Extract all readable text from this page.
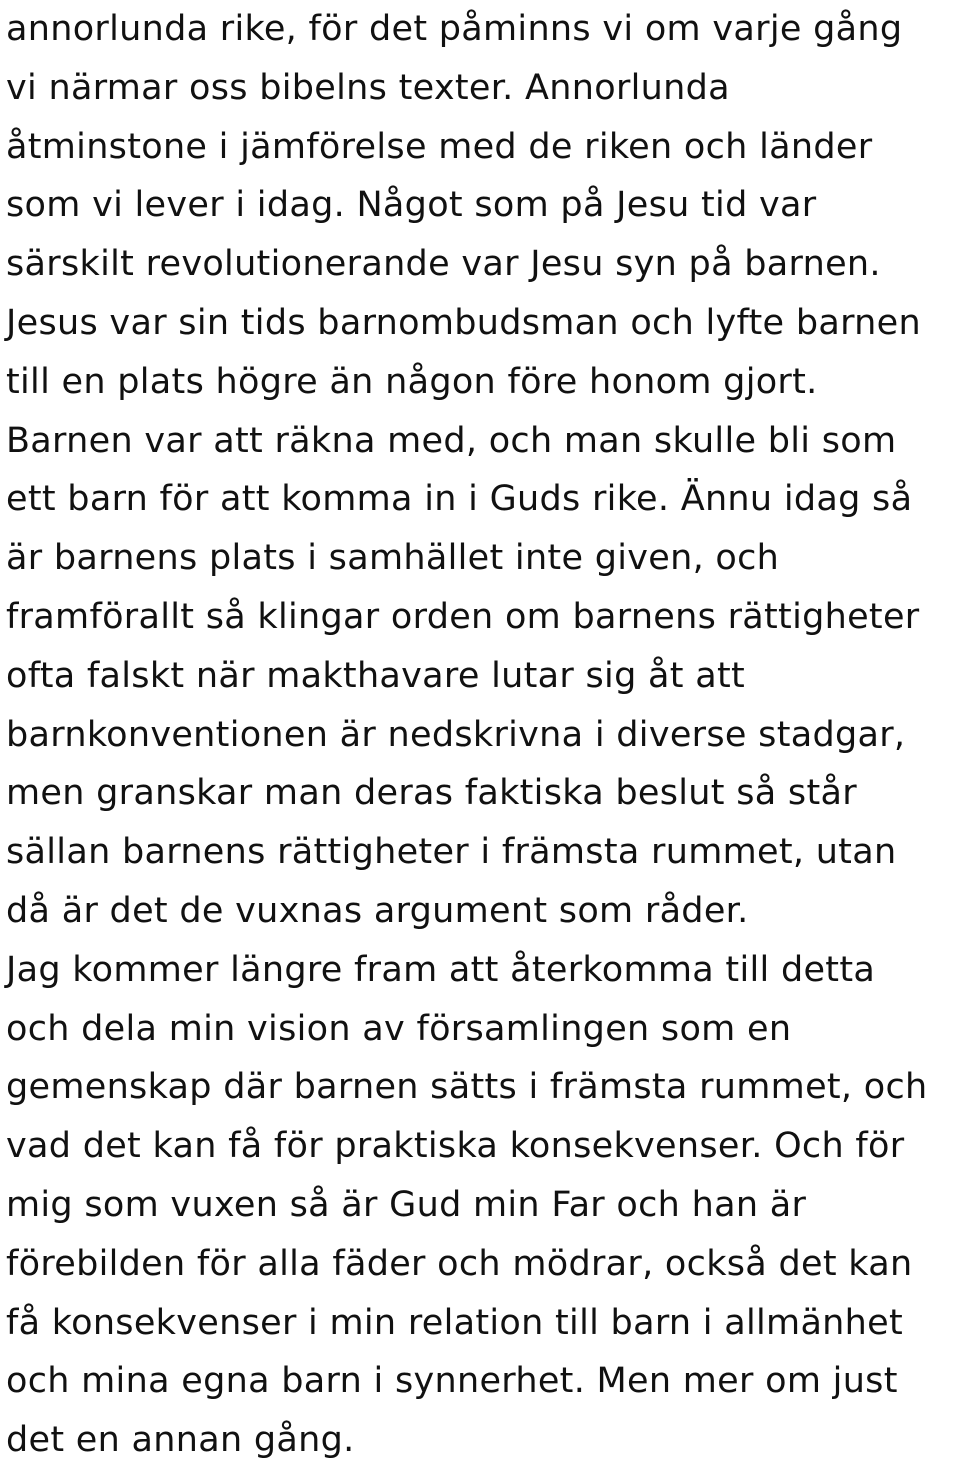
annorlunda rike, för det påminns vi om varje gång
vi närmar oss bibelns texter. Annorlunda
åtminstone i jämförelse med de riken och länder
som vi lever i idag. Något som på Jesu tid var
särskilt revolutionerande var Jesu syn på barnen.
Jesus var sin tids barnombudsman och lyfte barnen
till en plats högre än någon före honom gjort.
Barnen var att räkna med, och man skulle bli som
ett barn för att komma in i Guds rike. Ännu idag så
är barnens plats i samhället inte given, och
framförallt så klingar orden om barnens rättigheter
ofta falskt när makthavare lutar sig åt att
barnkonventionen är nedskrivna i diverse stadgar,
men granskar man deras faktiska beslut så står
sällan barnens rättigheter i främsta rummet, utan
då är det de vuxnas argument som råder.
Jag kommer längre fram att återkomma till detta
och dela min vision av församlingen som en
gemenskap där barnen sätts i främsta rummet, och
vad det kan få för praktiska konsekvenser. Och för
mig som vuxen så är Gud min Far och han är
förebilden för alla fäder och mödrar, också det kan
få konsekvenser i min relation till barn i allmänhet
och mina egna barn i synnerhet. Men mer om just
det en annan gång.
